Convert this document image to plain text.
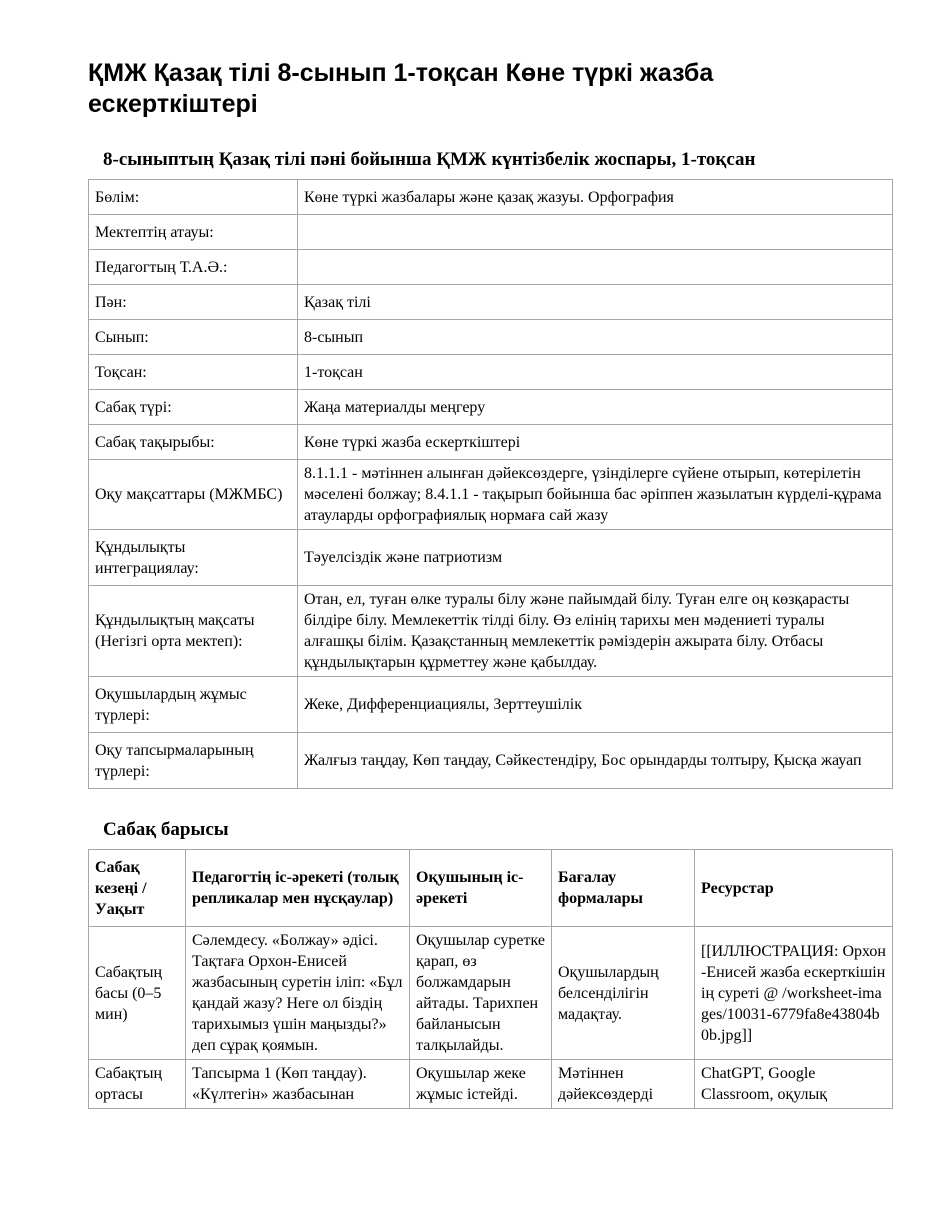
ҚМЖ Қазақ тілі 8-сынып 1-тоқсан Көне түркі жазба ескерткіштері
8-сыныптың Қазақ тілі пәні бойынша ҚМЖ күнтізбелік жоспары, 1-тоқсан
Бөлім:	Көне түркі жазбалары және қазақ жазуы. Орфография
Мектептің атауы:	
Педагогтың Т.А.Ә.:	
Пән:	Қазақ тілі
Сынып:	8-сынып
Тоқсан:	1-тоқсан
Сабақ түрі:	Жаңа материалды меңгеру
Сабақ тақырыбы:	Көне түркі жазба ескерткіштері
Оқу мақсаттары (МЖМБС)	8.1.1.1 - мәтіннен алынған дәйексөздерге, үзінділерге сүйене отырып, көтерілетін мәселені болжау; 8.4.1.1 - тақырып бойынша бас әріппен жазылатын күрделі-құрама атауларды орфографиялық нормаға сай жазу
Құндылықты интеграциялау:	Тәуелсіздік және патриотизм
Құндылықтың мақсаты (Негізгі орта мектеп):	Отан, ел, туған өлке туралы білу және пайымдай білу. Туған елге оң көзқарасты білдіре білу. Мемлекеттік тілді білу. Өз елінің тарихы мен мәдениеті туралы алғашқы білім. Қазақстанның мемлекеттік рәміздерін ажырата білу. Отбасы құндылықтарын құрметтеу және қабылдау.
Оқушылардың жұмыс түрлері:	Жеке, Дифференциациялы, Зерттеушілік
Оқу тапсырмаларының түрлері:	Жалғыз таңдау, Көп таңдау, Сәйкестендіру, Бос орындарды толтыру, Қысқа жауап
Сабақ барысы
Сабақ кезеңі / Уақыт	Педагогтің іс-әрекеті (толық репликалар мен нұсқаулар)	Оқушының іс-әрекеті	Бағалау формалары	Ресурстар
Сабақтың басы (0–5 мин)	Сәлемдесу. «Болжау» әдісі. Тақтаға Орхон-Енисей жазбасының суретін іліп: «Бұл қандай жазу? Неге ол біздің тарихымыз үшін маңызды?» деп сұрақ қоямын.	Оқушылар суретке қарап, өз болжамдарын айтады. Тарихпен байланысын талқылайды.	Оқушылардың белсенділігін мадақтау.	[[ИЛЛЮСТРАЦИЯ: Орхон-Енисей жазба ескерткішінің суреті @ /worksheet-images/10031-6779fa8e43804b0b.jpg]]
Сабақтың ортасы	Тапсырма 1 (Көп таңдау). «Күлтегін» жазбасынан	Оқушылар жеке жұмыс істейді.	Мәтіннен дәйексөздерді	ChatGPT, Google Classroom, оқулық
